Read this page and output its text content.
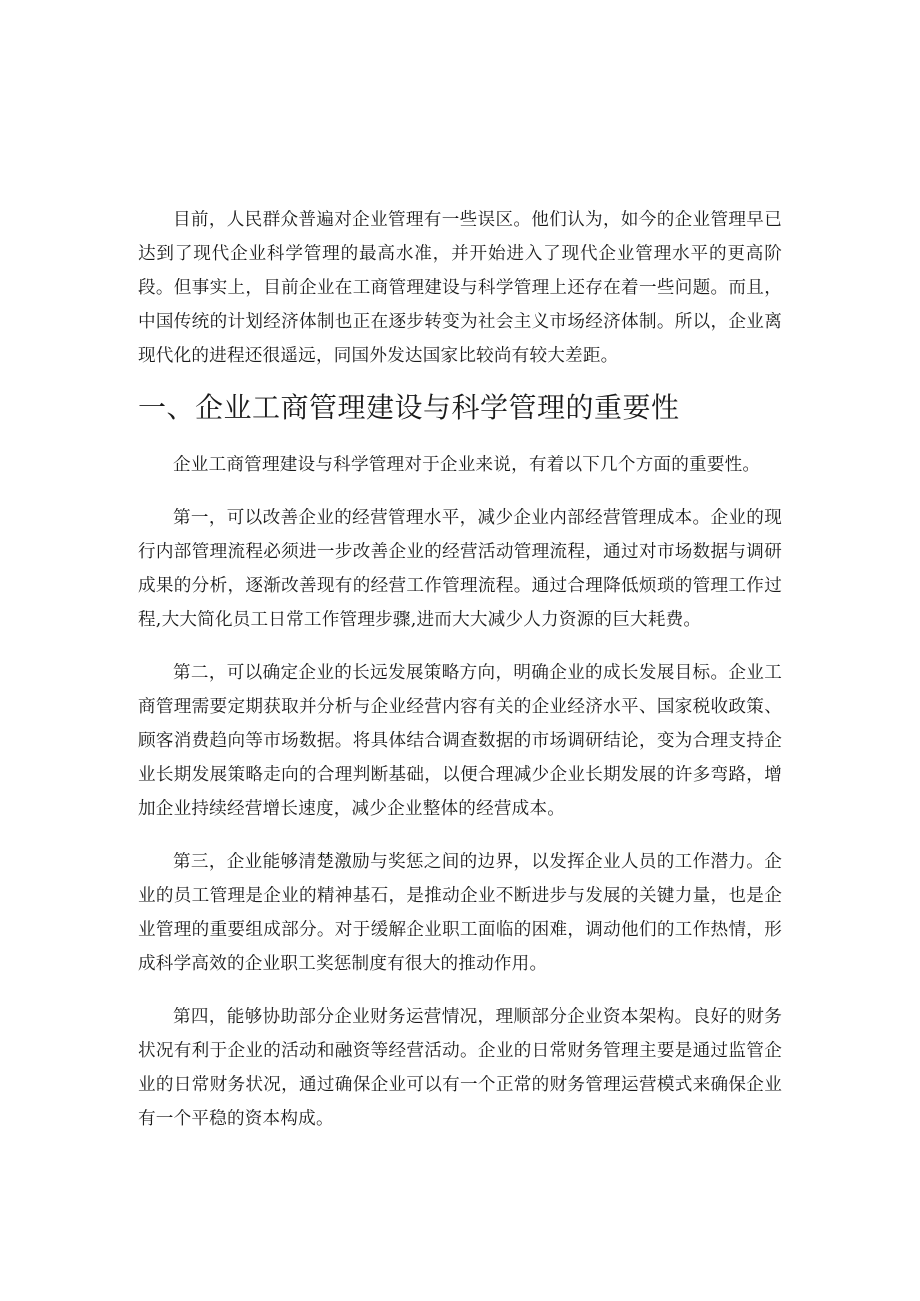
目前，人民群众普遍对企业管理有一些误区。他们认为，如今的企业管理早已达到了现代企业科学管理的最高水准，并开始进入了现代企业管理水平的更高阶段。但事实上，目前企业在工商管理建设与科学管理上还存在着一些问题。而且，中国传统的计划经济体制也正在逐步转变为社会主义市场经济体制。所以，企业离现代化的进程还很遥远，同国外发达国家比较尚有较大差距。

一、企业工商管理建设与科学管理的重要性

企业工商管理建设与科学管理对于企业来说，有着以下几个方面的重要性。

第一，可以改善企业的经营管理水平，减少企业内部经营管理成本。企业的现行内部管理流程必须进一步改善企业的经营活动管理流程，通过对市场数据与调研成果的分析，逐渐改善现有的经营工作管理流程。通过合理降低烦琐的管理工作过程,大大简化员工日常工作管理步骤,进而大大减少人力资源的巨大耗费。

第二，可以确定企业的长远发展策略方向，明确企业的成长发展目标。企业工商管理需要定期获取并分析与企业经营内容有关的企业经济水平、国家税收政策、顾客消费趋向等市场数据。将具体结合调查数据的市场调研结论，变为合理支持企业长期发展策略走向的合理判断基础，以便合理减少企业长期发展的许多弯路，增加企业持续经营增长速度，减少企业整体的经营成本。

第三，企业能够清楚激励与奖惩之间的边界，以发挥企业人员的工作潜力。企业的员工管理是企业的精神基石，是推动企业不断进步与发展的关键力量，也是企业管理的重要组成部分。对于缓解企业职工面临的困难，调动他们的工作热情，形成科学高效的企业职工奖惩制度有很大的推动作用。

第四，能够协助部分企业财务运营情况，理顺部分企业资本架构。良好的财务状况有利于企业的活动和融资等经营活动。企业的日常财务管理主要是通过监管企业的日常财务状况，通过确保企业可以有一个正常的财务管理运营模式来确保企业有一个平稳的资本构成。
